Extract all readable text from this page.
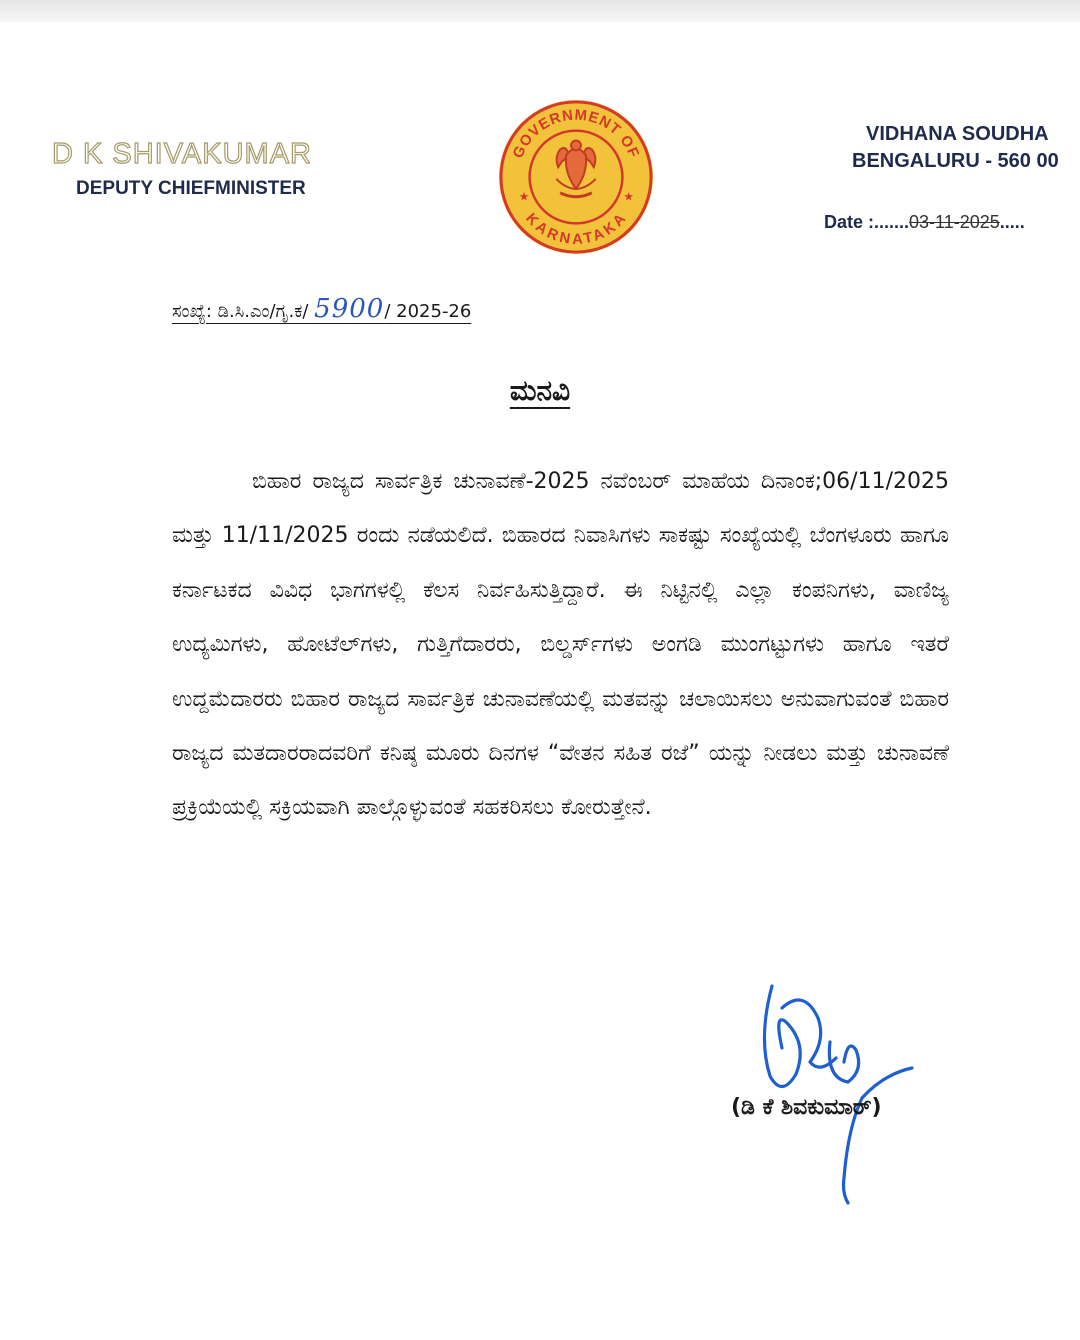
D K SHIVAKUMAR
DEPUTY CHIEFMINISTER
GOVERNMENT OF
KARNATAKA
★	★
VIDHANA SOUDHA
BENGALURU - 560 00
Date :.......03-11-2025.....
ಸಂಖ್ಯೆ: ಡಿ.ಸಿ.ಎಂ/ಗೃ.ಕ/ 5900/ 2025-26
ಮನವಿ

ಬಿಹಾರ ರಾಜ್ಯದ ಸಾರ್ವತ್ರಿಕ ಚುನಾವಣೆ-2025 ನವೆಂಬರ್ ಮಾಹೆಯ ದಿನಾಂಕ;06/11/2025 ಮತ್ತು 11/11/2025 ರಂದು ನಡೆಯಲಿದೆ. ಬಿಹಾರದ ನಿವಾಸಿಗಳು ಸಾಕಷ್ಟು ಸಂಖ್ಯೆಯಲ್ಲಿ ಬೆಂಗಳೂರು ಹಾಗೂ ಕರ್ನಾಟಕದ ವಿವಿಧ ಭಾಗಗಳಲ್ಲಿ ಕೆಲಸ ನಿರ್ವಹಿಸುತ್ತಿದ್ದಾರೆ. ಈ ನಿಟ್ಟಿನಲ್ಲಿ ಎಲ್ಲಾ ಕಂಪನಿಗಳು, ವಾಣಿಜ್ಯ ಉದ್ಯಮಿಗಳು, ಹೋಟೆಲ್‌ಗಳು, ಗುತ್ತಿಗೆದಾರರು, ಬಿಲ್ಡರ್ಸ್‌ಗಳು ಅಂಗಡಿ ಮುಂಗಟ್ಟುಗಳು ಹಾಗೂ ಇತರೆ ಉದ್ದಮೆದಾರರು ಬಿಹಾರ ರಾಜ್ಯದ ಸಾರ್ವತ್ರಿಕ ಚುನಾವಣೆಯಲ್ಲಿ ಮತವನ್ನು ಚಲಾಯಿಸಲು ಅನುವಾಗುವಂತೆ ಬಿಹಾರ ರಾಜ್ಯದ ಮತದಾರರಾದವರಿಗೆ ಕನಿಷ್ಠ ಮೂರು ದಿನಗಳ “ವೇತನ ಸಹಿತ ರಜೆ” ಯನ್ನು ನೀಡಲು ಮತ್ತು ಚುನಾವಣೆ ಪ್ರಕ್ರಿಯೆಯಲ್ಲಿ ಸಕ್ರಿಯವಾಗಿ ಪಾಲ್ಗೊಳ್ಳುವಂತೆ ಸಹಕರಿಸಲು ಕೋರುತ್ತೇನೆ.

(ಡಿ ಕೆ ಶಿವಕುಮಾರ್)
